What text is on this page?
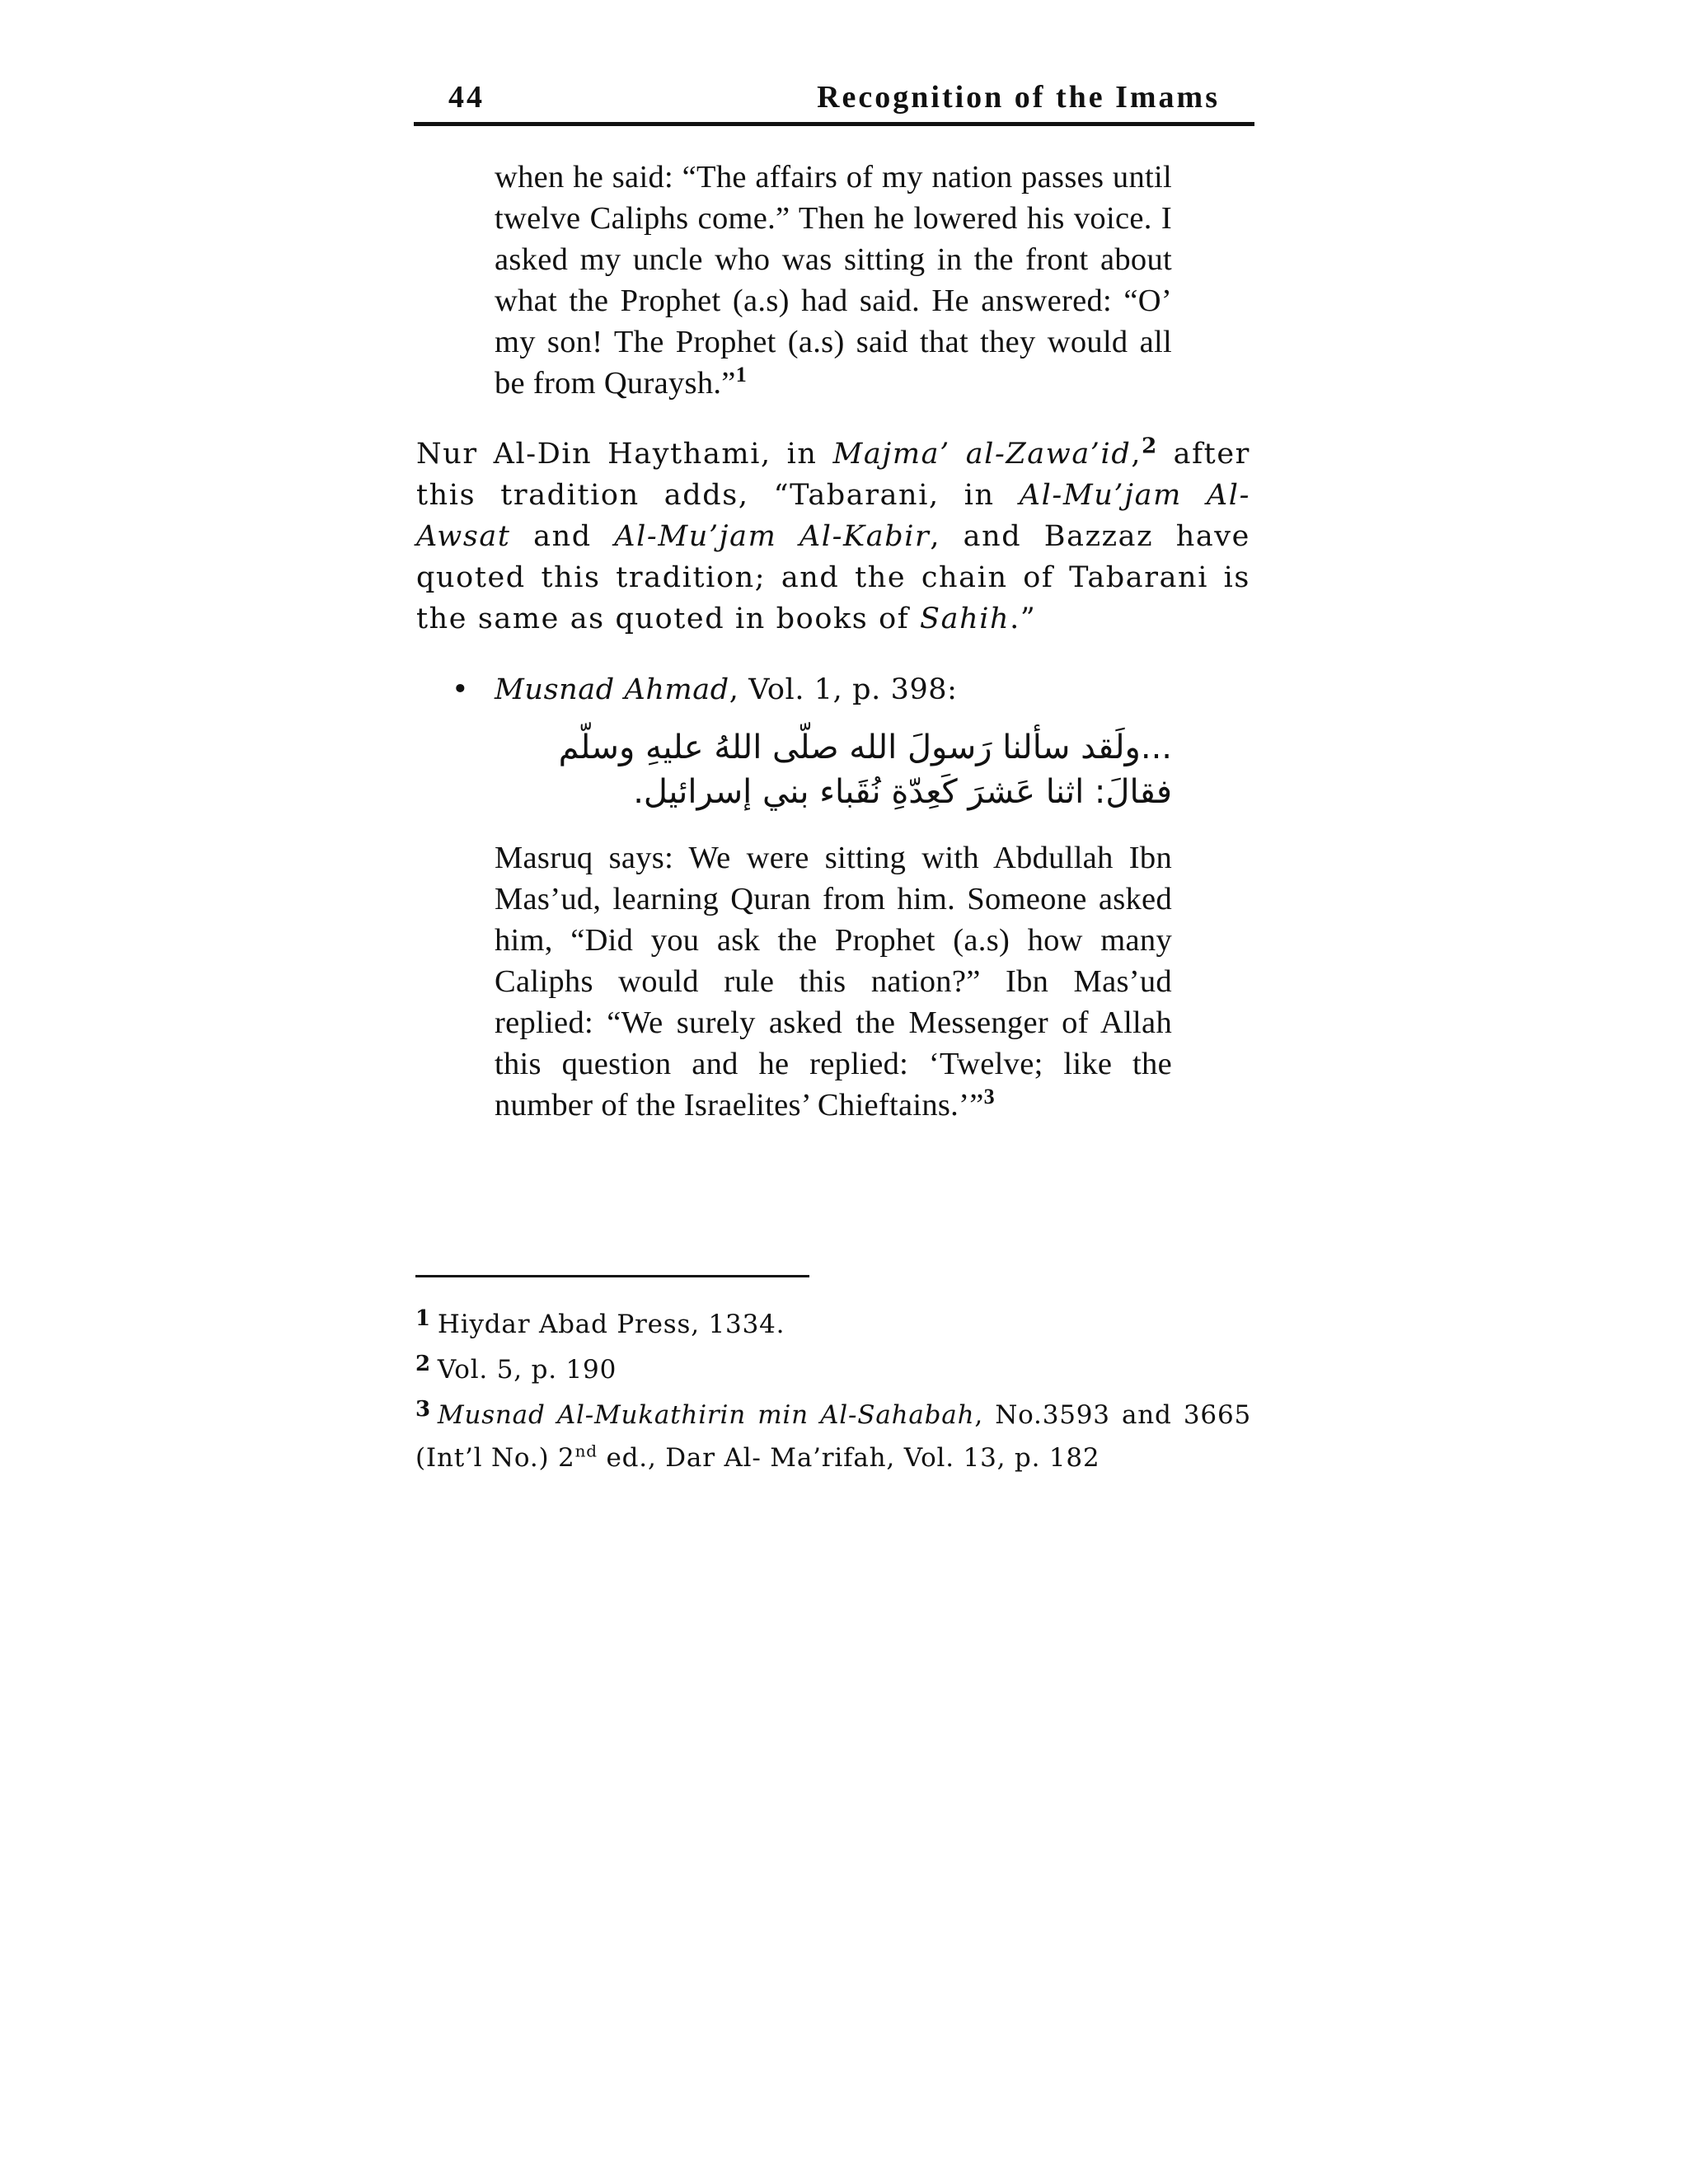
44	Recognition of the Imams
when he said: “The affairs of my nation passes until twelve Caliphs come.” Then he lowered his voice. I asked my uncle who was sitting in the front about what the Prophet (a.s) had said. He answered: “O’ my son! The Prophet (a.s) said that they would all be from Quraysh.”$^1$

Nur Al-Din Haythami, in Majma’ al-Zawa’id,$^2$ after this tradition adds, “Tabarani, in Al-Mu’jam Al-Awsat and Al-Mu’jam Al-Kabir, and Bazzaz have quoted this tradition; and the chain of Tabarani is the same as quoted in books of Sahih.”

• Musnad Ahmad, Vol. 1, p. 398:
...ولَقد سألنا رَسولَ الله صلّى اللهُ عليهِ وسلّم فقالَ: اثنا عَشرَ كَعِدّةِ نُقَباء بني إسرائيل.
Masruq says: We were sitting with Abdullah Ibn Mas’ud, learning Quran from him. Someone asked him, “Did you ask the Prophet (a.s) how many Caliphs would rule this nation?” Ibn Mas’ud replied: “We surely asked the Messenger of Allah this question and he replied: ‘Twelve; like the number of the Israelites’ Chieftains.’”$^3$

$^1$ Hiydar Abad Press, 1334.

$^2$ Vol. 5, p. 190

$^3$ Musnad Al-Mukathirin min Al-Sahabah, No.3593 and 3665 (Int’l No.) 2nd ed., Dar Al- Ma’rifah, Vol. 13, p. 182
